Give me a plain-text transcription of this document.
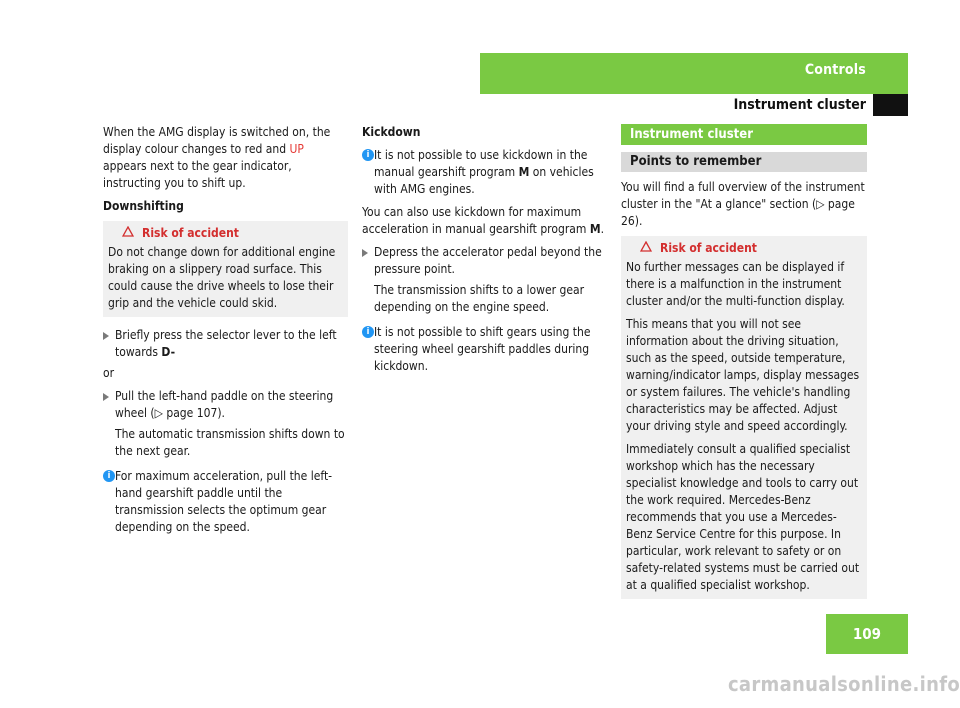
Controls
Instrument cluster

When the AMG display is switched on, the display colour changes to red and UP appears next to the gear indicator, instructing you to shift up.

Downshifting

Risk of accident
Do not change down for additional engine braking on a slippery road surface. This could cause the drive wheels to lose their grip and the vehicle could skid.
Briefly press the selector lever to the left towards D-

or

Pull the left-hand paddle on the steering wheel (▷ page 107).

The automatic transmission shifts down to the next gear.

i For maximum acceleration, pull the left-hand gearshift paddle until the transmission selects the optimum gear depending on the speed.

Kickdown

i It is not possible to use kickdown in the manual gearshift program M on vehicles with AMG engines.

You can also use kickdown for maximum acceleration in manual gearshift program M.

Depress the accelerator pedal beyond the pressure point.

The transmission shifts to a lower gear depending on the engine speed.

i It is not possible to shift gears using the steering wheel gearshift paddles during kickdown.
Instrument cluster
Points to remember

You will find a full overview of the instrument cluster in the "At a glance" section (▷ page 26).

Risk of accident

No further messages can be displayed if there is a malfunction in the instrument cluster and/or the multi-function display.

This means that you will not see information about the driving situation, such as the speed, outside temperature, warning/indicator lamps, display messages or system failures. The vehicle's handling characteristics may be affected. Adjust your driving style and speed accordingly.

Immediately consult a qualified specialist workshop which has the necessary specialist knowledge and tools to carry out the work required. Mercedes-Benz recommends that you use a Mercedes-Benz Service Centre for this purpose. In particular, work relevant to safety or on safety-related systems must be carried out at a qualified specialist workshop.

109
carmanualsonline.info
